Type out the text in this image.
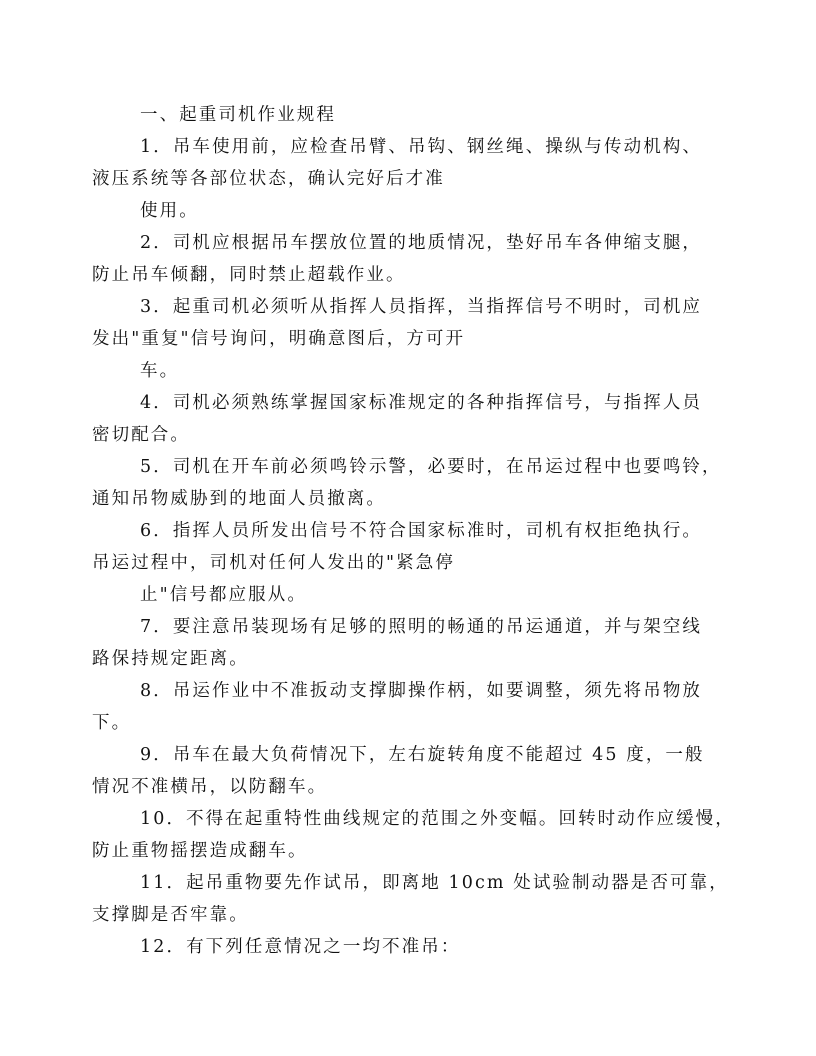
一、起重司机作业规程
1．吊车使用前，应检查吊臂、吊钩、钢丝绳、操纵与传动机构、
液压系统等各部位状态，确认完好后才准
使用。
2．司机应根据吊车摆放位置的地质情况，垫好吊车各伸缩支腿，
防止吊车倾翻，同时禁止超载作业。
3．起重司机必须听从指挥人员指挥，当指挥信号不明时，司机应
发出"重复"信号询问，明确意图后，方可开
车。
4．司机必须熟练掌握国家标准规定的各种指挥信号，与指挥人员
密切配合。
5．司机在开车前必须鸣铃示警，必要时，在吊运过程中也要鸣铃，
通知吊物威胁到的地面人员撤离。
6．指挥人员所发出信号不符合国家标准时，司机有权拒绝执行。
吊运过程中，司机对任何人发出的"紧急停
止"信号都应服从。
7．要注意吊装现场有足够的照明的畅通的吊运通道，并与架空线
路保持规定距离。
8．吊运作业中不准扳动支撑脚操作柄，如要调整，须先将吊物放
下。
9．吊车在最大负荷情况下，左右旋转角度不能超过 45 度，一般
情况不准横吊，以防翻车。
10．不得在起重特性曲线规定的范围之外变幅。回转时动作应缓慢，
防止重物摇摆造成翻车。
11．起吊重物要先作试吊，即离地 10cm 处试验制动器是否可靠，
支撑脚是否牢靠。
12．有下列任意情况之一均不准吊：
